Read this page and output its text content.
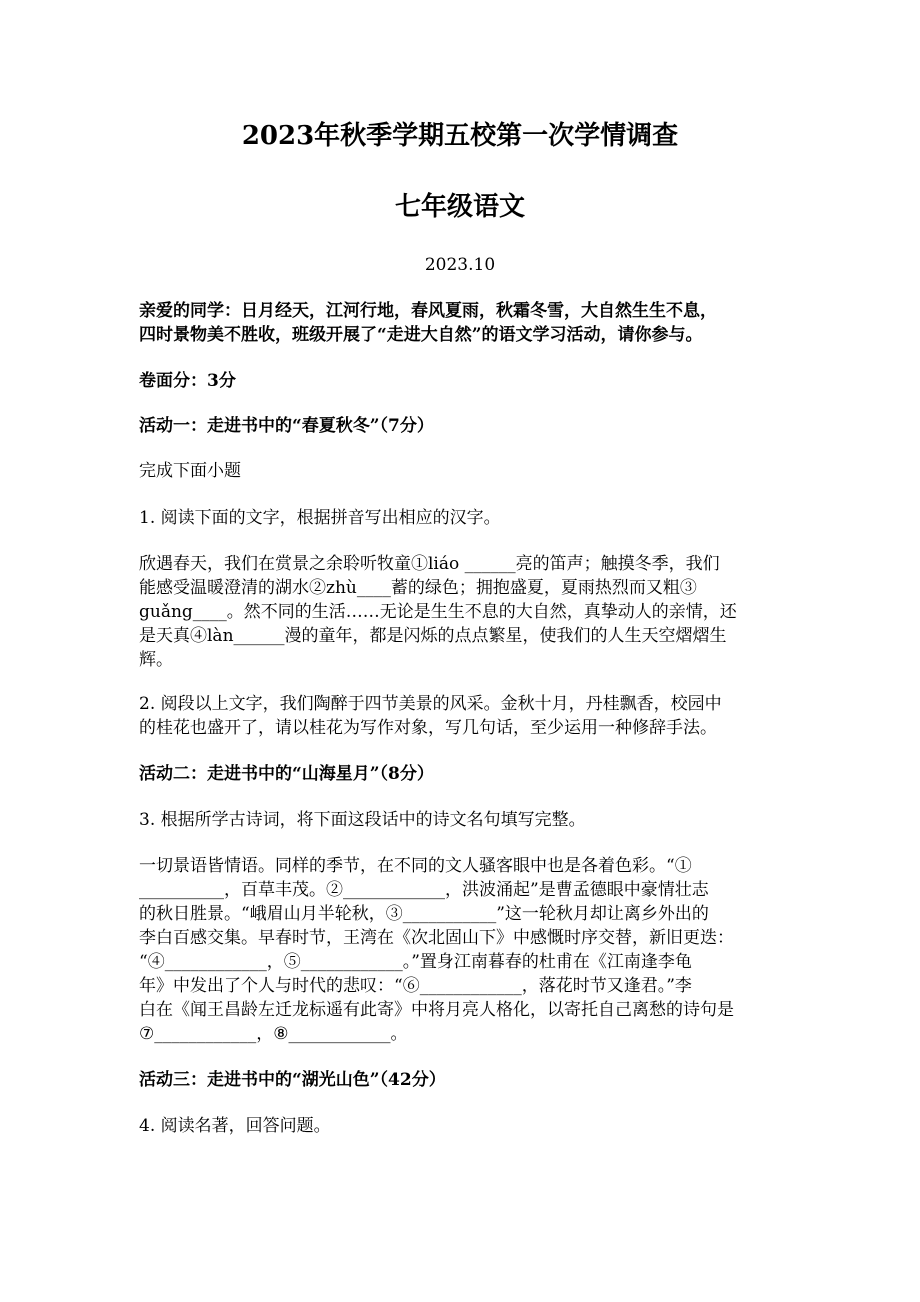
2023年秋季学期五校第一次学情调查
七年级语文

2023.10

亲爱的同学：日月经天，江河行地，春风夏雨，秋霜冬雪，大自然生生不息，

四时景物美不胜收，班级开展了“走进大自然”的语文学习活动，请你参与。

卷面分：3分

活动一：走进书中的“春夏秋冬”（7分）

完成下面小题

1. 阅读下面的文字，根据拼音写出相应的汉字。

欣遇春天，我们在赏景之余聆听牧童①liáo ______亮的笛声；触摸冬季，我们

能感受温暖澄清的湖水②zhù____蓄的绿色；拥抱盛夏，夏雨热烈而又粗③

guǎng____。然不同的生活……无论是生生不息的大自然，真挚动人的亲情，还

是天真④làn______漫的童年，都是闪烁的点点繁星，使我们的人生天空熠熠生

辉。

2. 阅段以上文字，我们陶醉于四节美景的风采。金秋十月，丹桂飘香，校园中

的桂花也盛开了，请以桂花为写作对象，写几句话，至少运用一种修辞手法。

活动二：走进书中的“山海星月”（8分）

3. 根据所学古诗词，将下面这段话中的诗文名句填写完整。

一切景语皆情语。同样的季节，在不同的文人骚客眼中也是各着色彩。“①

__________，百草丰茂。②____________，洪波涌起”是曹孟德眼中豪情壮志

的秋日胜景。“峨眉山月半轮秋，③___________”这一轮秋月却让离乡外出的

李白百感交集。早春时节，王湾在《次北固山下》中感慨时序交替，新旧更迭：

“④____________，⑤____________。”置身江南暮春的杜甫在《江南逢李龟

年》中发出了个人与时代的悲叹：“⑥____________，落花时节又逢君。”李

白在《闻王昌龄左迁龙标遥有此寄》中将月亮人格化，以寄托自己离愁的诗句是

⑦____________，⑧____________。

活动三：走进书中的“湖光山色”（42分）

4. 阅读名著，回答问题。
